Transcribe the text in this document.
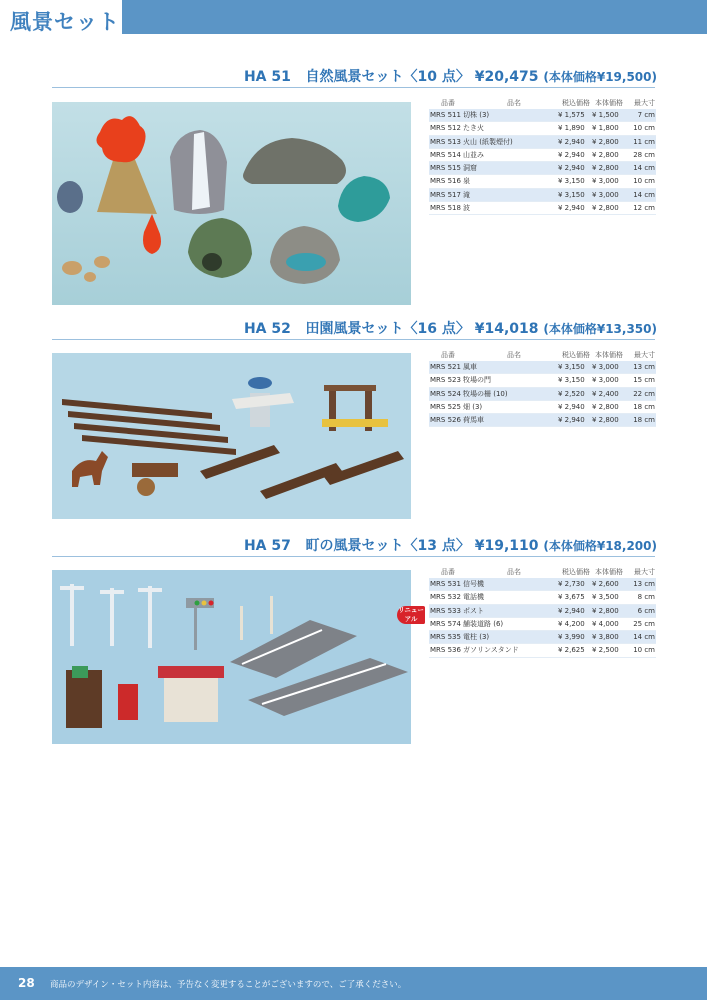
風景セット
HA 51 自然風景セット〈10 点〉 ¥20,475 (本体価格¥19,500)
品番	品名	税込価格 本体価格 最大寸
MRS 511 切株 (3)	¥ 1,575 ¥ 1,500	7 cm
MRS 512 たき火	¥ 1,890 ¥ 1,800 10 cm
MRS 513 火山 (紙製煙付)	¥ 2,940 ¥ 2,800 11 cm
MRS 514 山並み	¥ 2,940 ¥ 2,800 28 cm
MRS 515 洞窟	¥ 2,940 ¥ 2,800 14 cm
MRS 516 泉	¥ 3,150 ¥ 3,000 10 cm
MRS 517 滝	¥ 3,150 ¥ 3,000 14 cm
MRS 518 波	¥ 2,940 ¥ 2,800 12 cm
HA 52 田園風景セット〈16 点〉 ¥14,018 (本体価格¥13,350)
品番	品名	税込価格 本体価格 最大寸
MRS 521 風車	¥ 3,150 ¥ 3,000 13 cm
MRS 523 牧場の門	¥ 3,150 ¥ 3,000 15 cm
MRS 524 牧場の柵 (10)	¥ 2,520 ¥ 2,400 22 cm
MRS 525 畑 (3)	¥ 2,940 ¥ 2,800 18 cm
MRS 526 荷馬車	¥ 2,940 ¥ 2,800 18 cm
HA 57 町の風景セット〈13 点〉 ¥19,110 (本体価格¥18,200)
リニューアル
品番	品名	税込価格 本体価格 最大寸
MRS 531 信号機	¥ 2,730 ¥ 2,600 13 cm
MRS 532 電話機	¥ 3,675 ¥ 3,500	8 cm
MRS 533 ポスト	¥ 2,940 ¥ 2,800	6 cm
MRS 574 舗装道路 (6)	¥ 4,200 ¥ 4,000 25 cm
MRS 535 電柱 (3)	¥ 3,990 ¥ 3,800 14 cm
MRS 536 ガソリンスタンド	¥ 2,625 ¥ 2,500 10 cm
28 商品のデザイン・セット内容は、予告なく変更することがございますので、ご了承ください。
